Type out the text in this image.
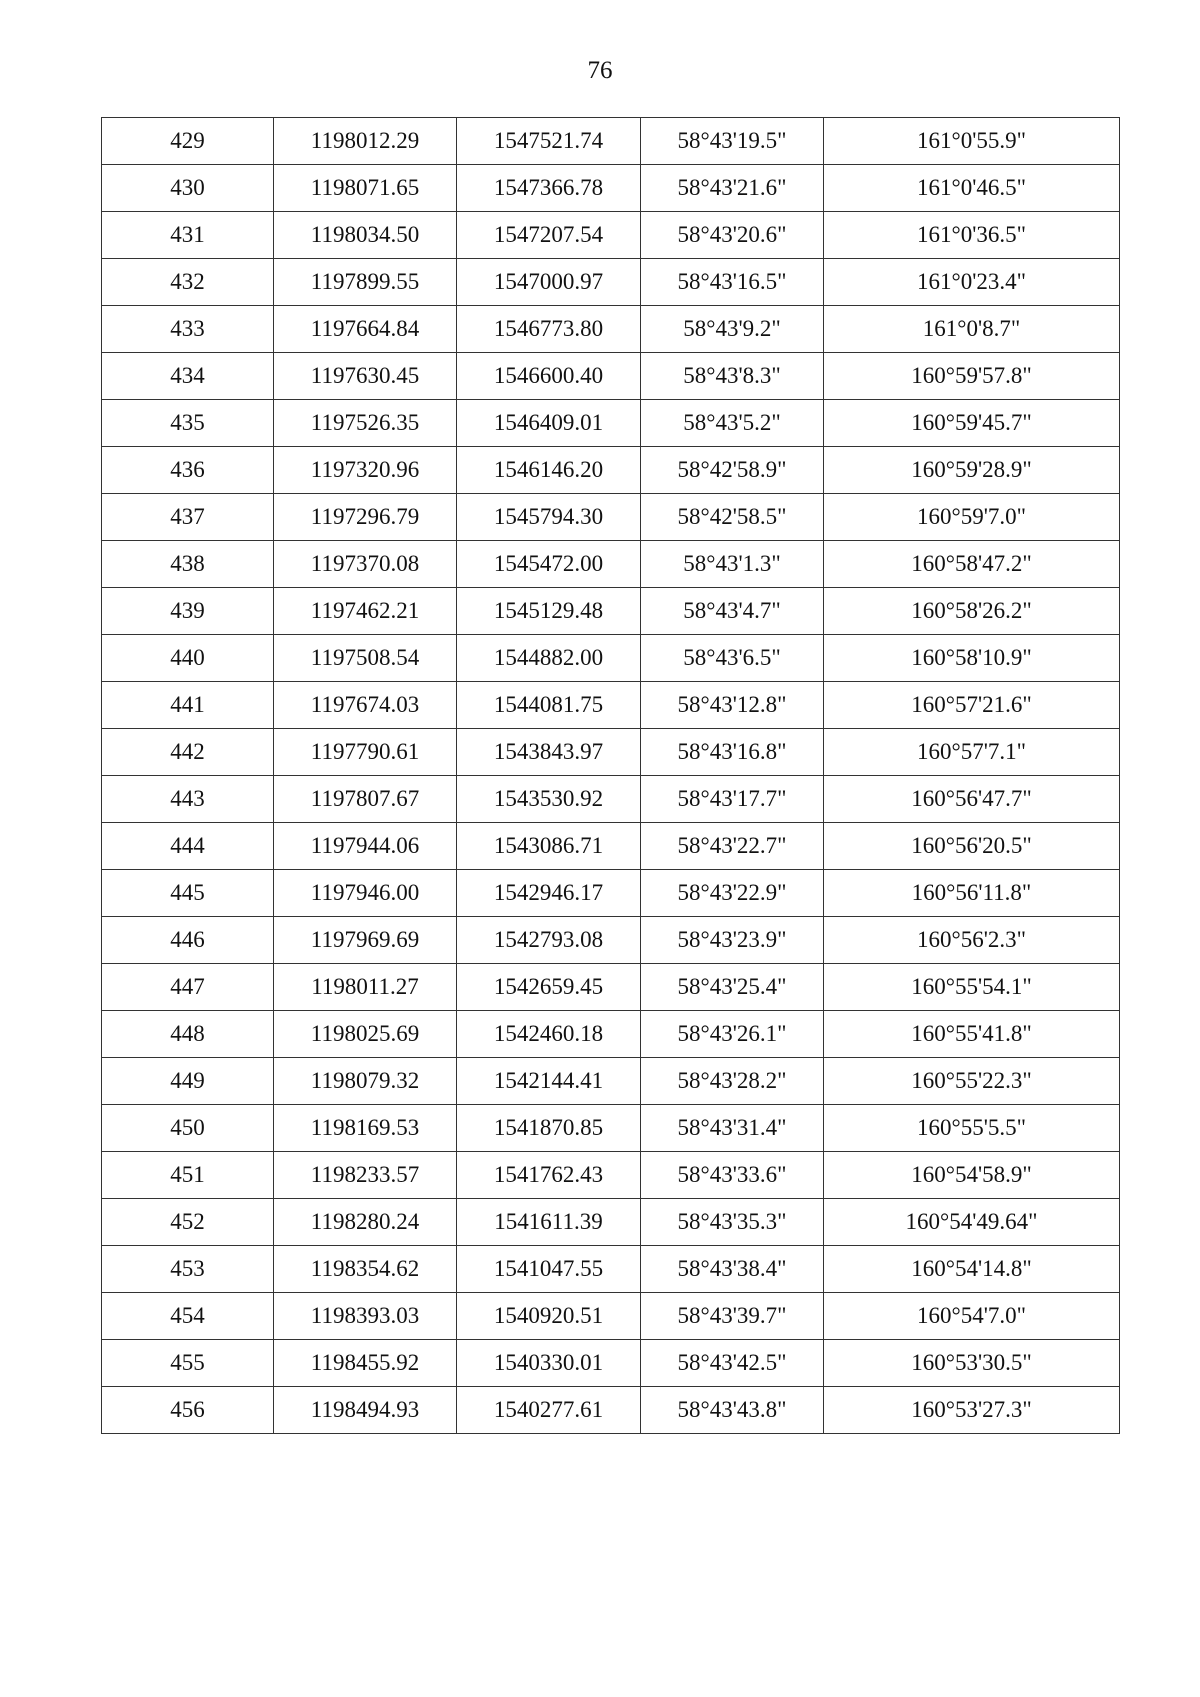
76
429	1198012.29	1547521.74	58°43'19.5"	161°0'55.9"
430	1198071.65	1547366.78	58°43'21.6"	161°0'46.5"
431	1198034.50	1547207.54	58°43'20.6"	161°0'36.5"
432	1197899.55	1547000.97	58°43'16.5"	161°0'23.4"
433	1197664.84	1546773.80	58°43'9.2"	161°0'8.7"
434	1197630.45	1546600.40	58°43'8.3"	160°59'57.8"
435	1197526.35	1546409.01	58°43'5.2"	160°59'45.7"
436	1197320.96	1546146.20	58°42'58.9"	160°59'28.9"
437	1197296.79	1545794.30	58°42'58.5"	160°59'7.0"
438	1197370.08	1545472.00	58°43'1.3"	160°58'47.2"
439	1197462.21	1545129.48	58°43'4.7"	160°58'26.2"
440	1197508.54	1544882.00	58°43'6.5"	160°58'10.9"
441	1197674.03	1544081.75	58°43'12.8"	160°57'21.6"
442	1197790.61	1543843.97	58°43'16.8"	160°57'7.1"
443	1197807.67	1543530.92	58°43'17.7"	160°56'47.7"
444	1197944.06	1543086.71	58°43'22.7"	160°56'20.5"
445	1197946.00	1542946.17	58°43'22.9"	160°56'11.8"
446	1197969.69	1542793.08	58°43'23.9"	160°56'2.3"
447	1198011.27	1542659.45	58°43'25.4"	160°55'54.1"
448	1198025.69	1542460.18	58°43'26.1"	160°55'41.8"
449	1198079.32	1542144.41	58°43'28.2"	160°55'22.3"
450	1198169.53	1541870.85	58°43'31.4"	160°55'5.5"
451	1198233.57	1541762.43	58°43'33.6"	160°54'58.9"
452	1198280.24	1541611.39	58°43'35.3"	160°54'49.64"
453	1198354.62	1541047.55	58°43'38.4"	160°54'14.8"
454	1198393.03	1540920.51	58°43'39.7"	160°54'7.0"
455	1198455.92	1540330.01	58°43'42.5"	160°53'30.5"
456	1198494.93	1540277.61	58°43'43.8"	160°53'27.3"
